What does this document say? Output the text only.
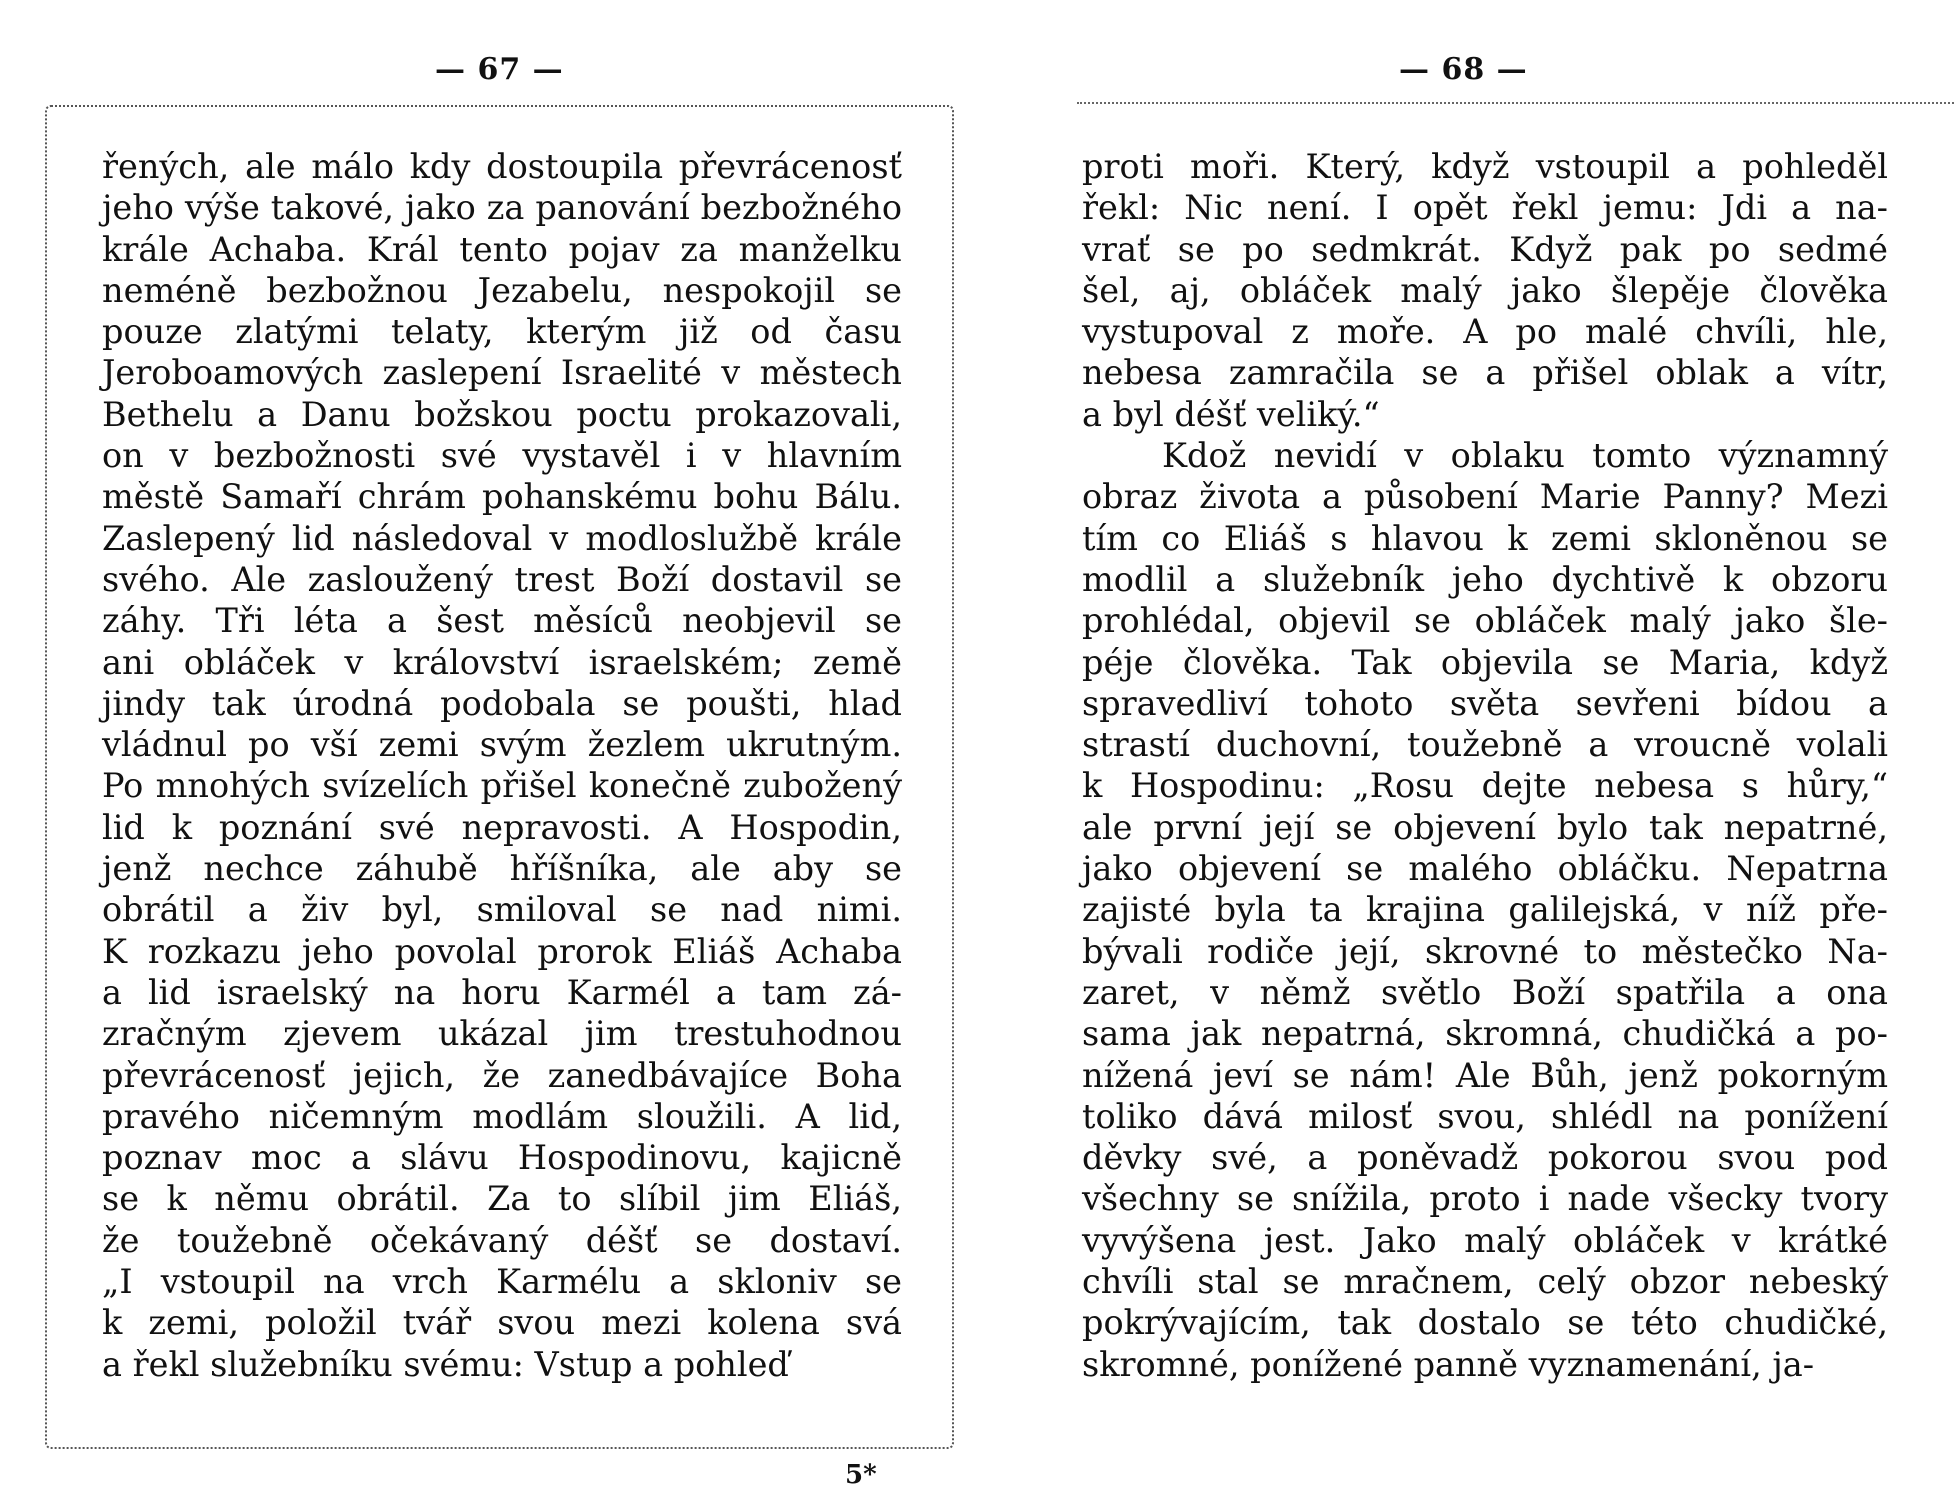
— 67 —
řených, ale málo kdy dostoupila převrácenosť
jeho výše takové, jako za panování bezbožného
krále Achaba. Král tento pojav za manželku
neméně bezbožnou Jezabelu, nespokojil se
pouze zlatými telaty, kterým již od času
Jeroboamových zaslepení Israelité v městech
Bethelu a Danu božskou poctu prokazovali,
on v bezbožnosti své vystavěl i v hlavním
městě Samaří chrám pohanskému bohu Bálu.
Zaslepený lid následoval v modloslužbě krále
svého. Ale zasloužený trest Boží dostavil se
záhy. Tři léta a šest měsíců neobjevil se
ani obláček v království israelském; země
jindy tak úrodná podobala se poušti, hlad
vládnul po vší zemi svým žezlem ukrutným.
Po mnohých svízelích přišel konečně zubožený
lid k poznání své nepravosti. A Hospodin,
jenž nechce záhubě hříšníka, ale aby se
obrátil a živ byl, smiloval se nad nimi.
K rozkazu jeho povolal prorok Eliáš Achaba
a lid israelský na horu Karmél a tam zá-
zračným zjevem ukázal jim trestuhodnou
převrácenosť jejich, že zanedbávajíce Boha
pravého ničemným modlám sloužili. A lid,
poznav moc a slávu Hospodinovu, kajicně
se k němu obrátil. Za to slíbil jim Eliáš,
že toužebně očekávaný déšť se dostaví.
„I vstoupil na vrch Karmélu a skloniv se
k zemi, položil tvář svou mezi kolena svá
a řekl služebníku svému: Vstup a pohleď
5*
— 68 —
proti moři. Který, když vstoupil a pohleděl
řekl: Nic není. I opět řekl jemu: Jdi a na-
vrať se po sedmkrát. Když pak po sedmé
šel, aj, obláček malý jako šlepěje člověka
vystupoval z moře. A po malé chvíli, hle,
nebesa zamračila se a přišel oblak a vítr,
a byl déšť veliký.“
Kdož nevidí v oblaku tomto významný
obraz života a působení Marie Panny? Mezi
tím co Eliáš s hlavou k zemi skloněnou se
modlil a služebník jeho dychtivě k obzoru
prohlédal, objevil se obláček malý jako šle-
péje člověka. Tak objevila se Maria, když
spravedliví tohoto světa sevřeni bídou a
strastí duchovní, toužebně a vroucně volali
k Hospodinu: „Rosu dejte nebesa s hůry,“
ale první její se objevení bylo tak nepatrné,
jako objevení se malého obláčku. Nepatrna
zajisté byla ta krajina galilejská, v níž pře-
bývali rodiče její, skrovné to městečko Na-
zaret, v němž světlo Boží spatřila a ona
sama jak nepatrná, skromná, chudičká a po-
nížená jeví se nám! Ale Bůh, jenž pokorným
toliko dává milosť svou, shlédl na ponížení
děvky své, a poněvadž pokorou svou pod
všechny se snížila, proto i nade všecky tvory
vyvýšena jest. Jako malý obláček v krátké
chvíli stal se mračnem, celý obzor nebeský
pokrývajícím, tak dostalo se této chudičké,
skromné, ponížené panně vyznamenání, ja-
